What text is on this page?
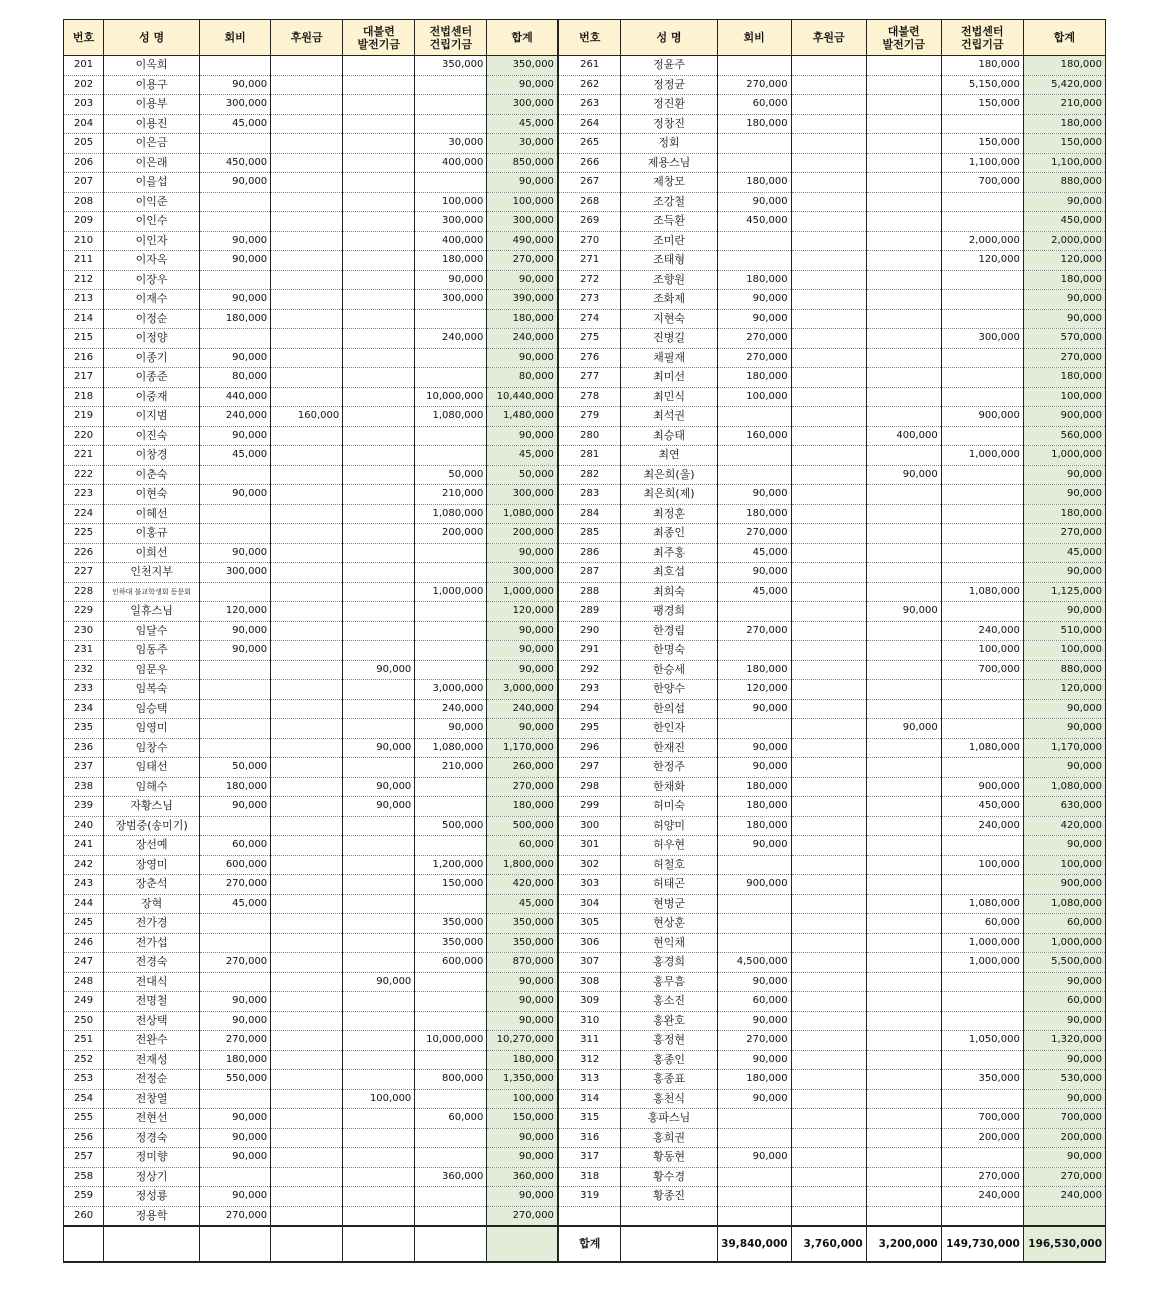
번호	성 명	회비	후원금	대불련
발전기금	전법센터
건립기금	합계	번호	성 명	회비	후원금	대불련
발전기금	전법센터
건립기금	합계
201	이옥희				350,000	350,000	261	정윤주				180,000	180,000
202	이용구	90,000				90,000	262	정정균	270,000			5,150,000	5,420,000
203	이용부	300,000				300,000	263	정진환	60,000			150,000	210,000
204	이용진	45,000				45,000	264	정창진	180,000				180,000
205	이은금				30,000	30,000	265	정회				150,000	150,000
206	이은래	450,000			400,000	850,000	266	제용스님				1,100,000	1,100,000
207	이을섭	90,000				90,000	267	제창모	180,000			700,000	880,000
208	이익준				100,000	100,000	268	조강철	90,000				90,000
209	이인수				300,000	300,000	269	조득환	450,000				450,000
210	이인자	90,000			400,000	490,000	270	조미란				2,000,000	2,000,000
211	이자옥	90,000			180,000	270,000	271	조태형				120,000	120,000
212	이장우				90,000	90,000	272	조향원	180,000				180,000
213	이재수	90,000			300,000	390,000	273	조화제	90,000				90,000
214	이정순	180,000				180,000	274	지현숙	90,000				90,000
215	이정양				240,000	240,000	275	진병길	270,000			300,000	570,000
216	이종기	90,000				90,000	276	채필재	270,000				270,000
217	이종준	80,000				80,000	277	최미선	180,000				180,000
218	이중재	440,000			10,000,000	10,440,000	278	최민식	100,000				100,000
219	이지범	240,000	160,000		1,080,000	1,480,000	279	최석권				900,000	900,000
220	이진숙	90,000				90,000	280	최승태	160,000		400,000		560,000
221	이창경	45,000				45,000	281	최연				1,000,000	1,000,000
222	이춘숙				50,000	50,000	282	최은희(울)			90,000		90,000
223	이현숙	90,000			210,000	300,000	283	최은희(제)	90,000				90,000
224	이혜선				1,080,000	1,080,000	284	최정훈	180,000				180,000
225	이홍규				200,000	200,000	285	최종인	270,000				270,000
226	이희선	90,000				90,000	286	최주홍	45,000				45,000
227	인천지부	300,000				300,000	287	최호섭	90,000				90,000
228	인하대 불교학생회 동문회				1,000,000	1,000,000	288	최희숙	45,000			1,080,000	1,125,000
229	일휴스님	120,000				120,000	289	팽경희			90,000		90,000
230	임달수	90,000				90,000	290	한경림	270,000			240,000	510,000
231	임동주	90,000				90,000	291	한명숙				100,000	100,000
232	임문우			90,000		90,000	292	한승세	180,000			700,000	880,000
233	임복숙				3,000,000	3,000,000	293	한양수	120,000				120,000
234	임승택				240,000	240,000	294	한의섭	90,000				90,000
235	임영미				90,000	90,000	295	한인자			90,000		90,000
236	임창수			90,000	1,080,000	1,170,000	296	한재진	90,000			1,080,000	1,170,000
237	임태선	50,000			210,000	260,000	297	한정주	90,000				90,000
238	임해수	180,000		90,000		270,000	298	한채화	180,000			900,000	1,080,000
239	자황스님	90,000		90,000		180,000	299	허미숙	180,000			450,000	630,000
240	장범중(송미기)				500,000	500,000	300	허양미	180,000			240,000	420,000
241	장선예	60,000				60,000	301	허우현	90,000				90,000
242	장영미	600,000			1,200,000	1,800,000	302	허철호				100,000	100,000
243	장춘석	270,000			150,000	420,000	303	허태곤	900,000				900,000
244	장혁	45,000				45,000	304	현병군				1,080,000	1,080,000
245	전가경				350,000	350,000	305	현상훈				60,000	60,000
246	전가섭				350,000	350,000	306	현익채				1,000,000	1,000,000
247	전경숙	270,000			600,000	870,000	307	홍경희	4,500,000			1,000,000	5,500,000
248	전대식			90,000		90,000	308	홍무흠	90,000				90,000
249	전명철	90,000				90,000	309	홍소진	60,000				60,000
250	전상택	90,000				90,000	310	홍완호	90,000				90,000
251	전완수	270,000			10,000,000	10,270,000	311	홍정현	270,000			1,050,000	1,320,000
252	전재성	180,000				180,000	312	홍종인	90,000				90,000
253	전정순	550,000			800,000	1,350,000	313	홍종표	180,000			350,000	530,000
254	전창열			100,000		100,000	314	홍천식	90,000				90,000
255	전현선	90,000			60,000	150,000	315	홍파스님				700,000	700,000
256	정경숙	90,000				90,000	316	홍희권				200,000	200,000
257	정미향	90,000				90,000	317	황동현	90,000				90,000
258	정상기				360,000	360,000	318	황수경				270,000	270,000
259	정성룡	90,000				90,000	319	황종진				240,000	240,000
260	정용학	270,000				270,000							
							합계		39,840,000	3,760,000	3,200,000	149,730,000	196,530,000
